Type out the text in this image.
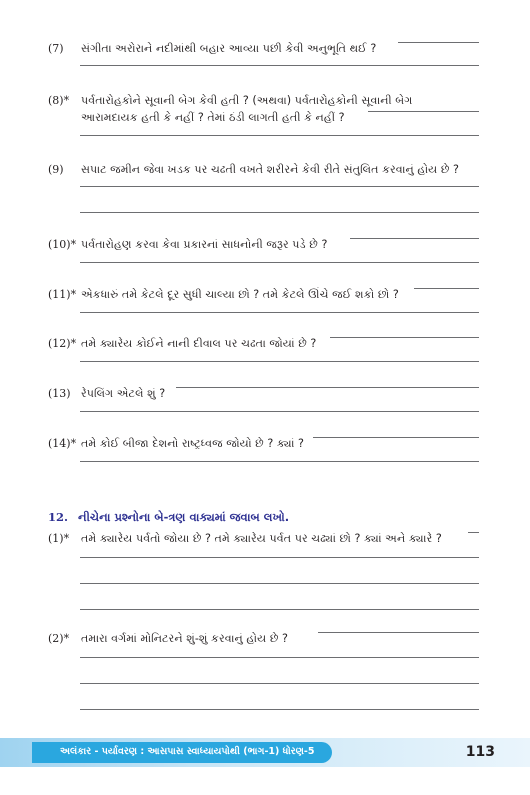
(7) સંગીતા અરોરાને નદીમાંથી બહાર આવ્યા પછી કેવી અનુભૂતિ થઈ ?
(8)* પર્વતારોહકોને સૂવાની બેગ કેવી હતી ? (અથવા) પર્વતારોહકોની સૂવાની બેગ
આરામદાયક હતી કે નહીં ? તેમાં ઠંડી લાગતી હતી કે નહીં ?
(9) સપાટ જમીન જેવા ખડક પર ચઢતી વખતે શરીરને કેવી રીતે સંતુલિત કરવાનું હોય છે ?
(10)* પર્વતારોહણ કરવા કેવા પ્રકારનાં સાધનોની જરૂર પડે છે ?
(11)* એકધારું તમે કેટલે દૂર સુધી ચાલ્યા છો ? તમે કેટલે ઊંચે જઈ શકો છો ?
(12)* તમે ક્યારેય કોઈને નાની દીવાલ પર ચઢતા જોયાં છે ?
(13) રેપલિંગ એટલે શું ?
(14)* તમે કોઈ બીજા દેશનો રાષ્ટ્રધ્વજ જોયો છે ? ક્યાં ?
12. નીચેના પ્રશ્નોના બે-ત્રણ વાક્યમાં જવાબ લખો.
(1)* તમે ક્યારેય પર્વતો જોયા છે ? તમે ક્યારેય પર્વત પર ચઢ્યાં છો ? ક્યાં અને ક્યારે ?
(2)* તમારા વર્ગમાં મોનિટરને શું-શું કરવાનું હોય છે ?
અલંકાર - પર્યાવરણ : આસપાસ સ્વાધ્યાયપોથી (ભાગ-1) ધોરણ-5	113
